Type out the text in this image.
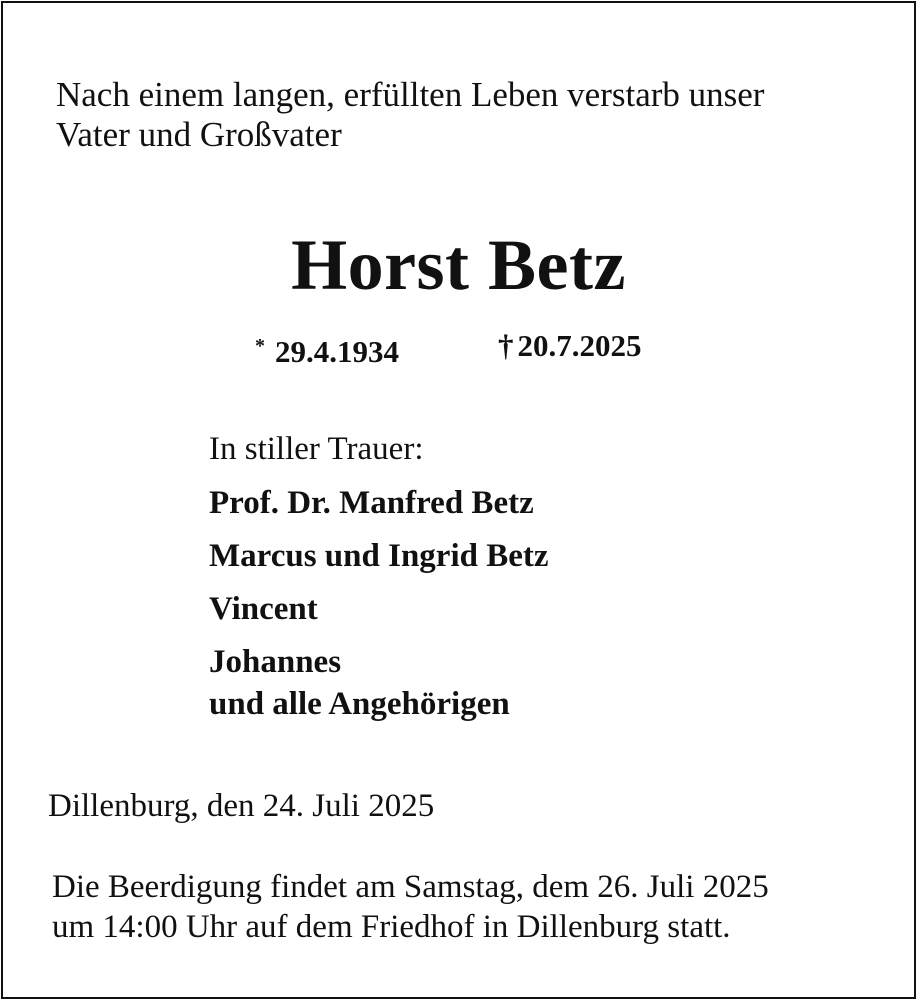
Nach einem langen, erfüllten Leben verstarb unser
Vater und Großvater

Horst Betz
* 29.4.1934	† 20.7.2025
In stiller Trauer:
Prof. Dr. Manfred Betz
Marcus und Ingrid Betz
Vincent
Johannes
und alle Angehörigen
Dillenburg, den 24. Juli 2025

Die Beerdigung findet am Samstag, dem 26. Juli 2025
um 14:00 Uhr auf dem Friedhof in Dillenburg statt.
